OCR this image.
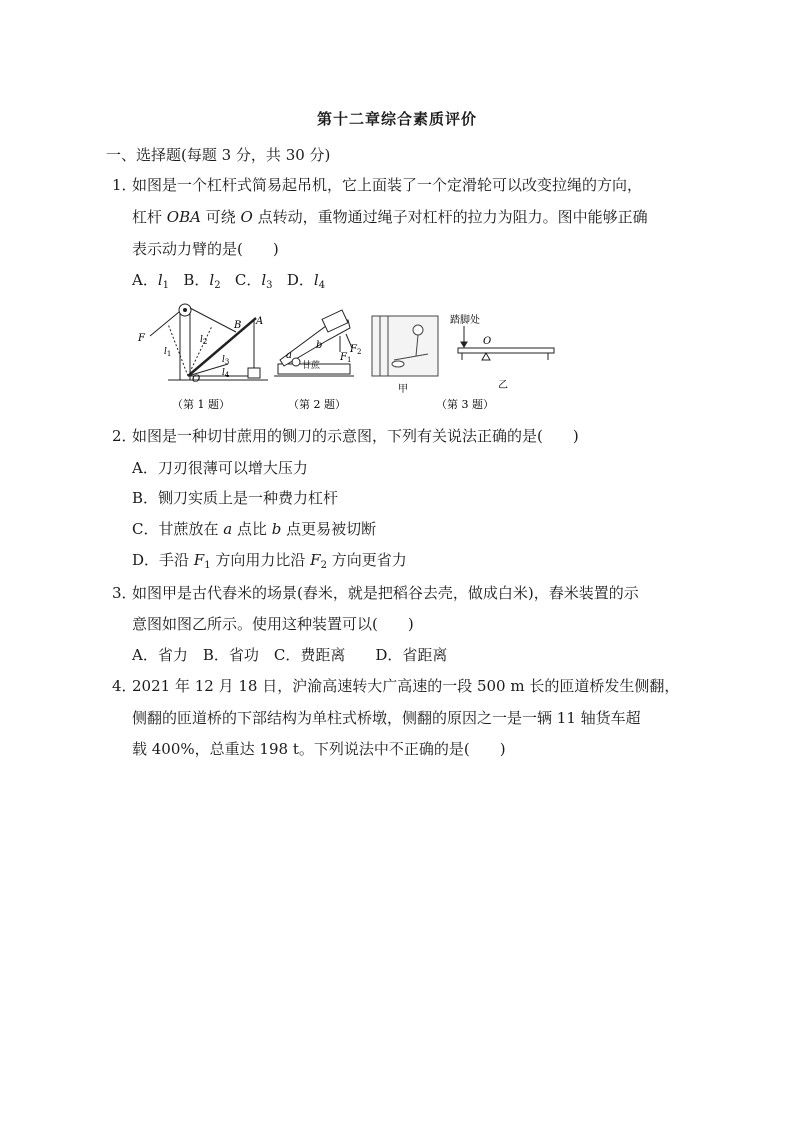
第十二章综合素质评价
一、选择题(每题 3 分，共 30 分)
1．
如图是一个杠杆式简易起吊机，它上面装了一个定滑轮可以改变拉绳的方向，
杠杆 OBA 可绕 O 点转动，重物通过绳子对杠杆的拉力为阻力。图中能够正确
表示动力臂的是(　　)
A．$l_1$ B．$l_2$ C．$l_3$ D．$l_4$
F
$l_1$
$l_2$
$l_3$
$l_4$
A
B
O
（第 1 题）
a
b
$F_1$
$F_2$
甘蔗
（第 2 题）
甲
踏脚处
O
乙
（第 3 题）
2．
如图是一种切甘蔗用的铡刀的示意图，下列有关说法正确的是(　　)
A．刀刃很薄可以增大压力
B．铡刀实质上是一种费力杠杆
C．甘蔗放在 a 点比 b 点更易被切断
D．手沿 $F_1$ 方向用力比沿 $F_2$ 方向更省力
3．
如图甲是古代舂米的场景(舂米，就是把稻谷去壳，做成白米)，舂米装置的示
意图如图乙所示。使用这种装置可以(　　)
A．省力　B．省功　C．费距离　　D．省距离
4．
2021 年 12 月 18 日，沪渝高速转大广高速的一段 500 m 长的匝道桥发生侧翻，
侧翻的匝道桥的下部结构为单柱式桥墩，侧翻的原因之一是一辆 11 轴货车超
载 400%，总重达 198 t。下列说法中不正确的是(　　)
